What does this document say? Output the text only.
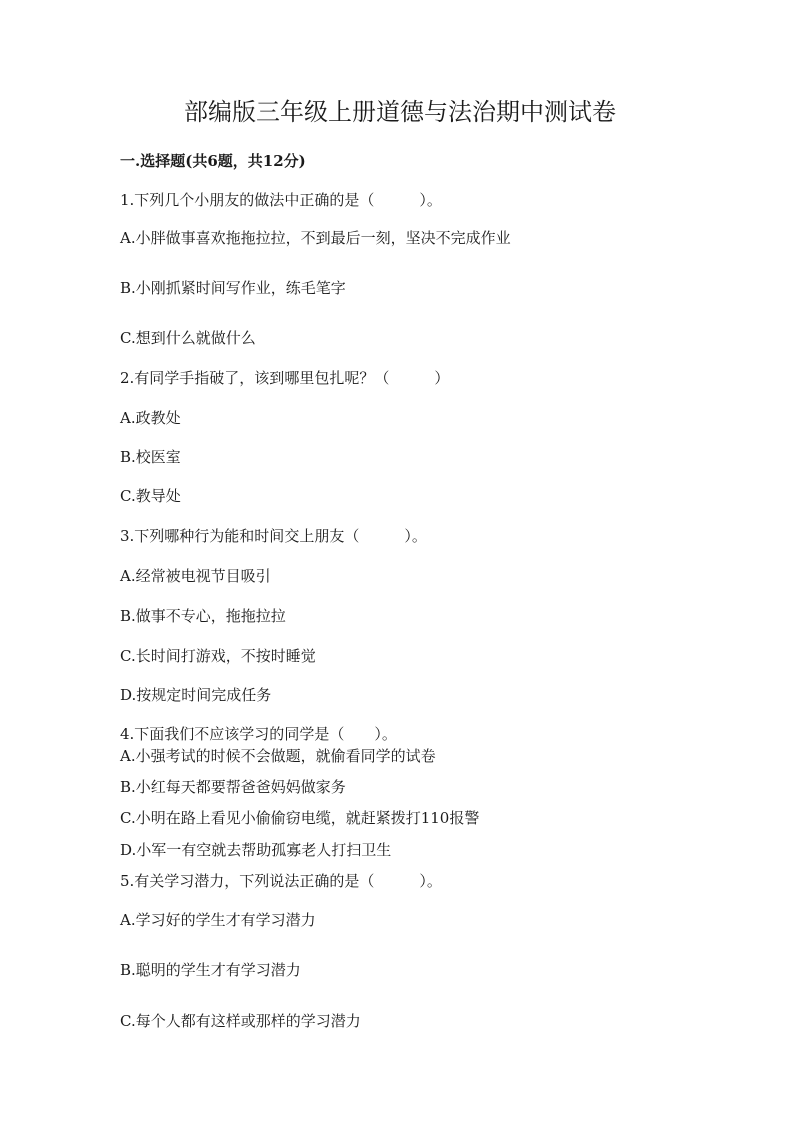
部编版三年级上册道德与法治期中测试卷
一.选择题(共6题，共12分)
1.下列几个小朋友的做法中正确的是（　　　）。
A.小胖做事喜欢拖拖拉拉，不到最后一刻，坚决不完成作业
B.小刚抓紧时间写作业，练毛笔字
C.想到什么就做什么
2.有同学手指破了，该到哪里包扎呢？（　　　）
A.政教处
B.校医室
C.教导处
3.下列哪种行为能和时间交上朋友（　　　）。
A.经常被电视节目吸引
B.做事不专心，拖拖拉拉
C.长时间打游戏，不按时睡觉
D.按规定时间完成任务
4.下面我们不应该学习的同学是（　　）。
A.小强考试的时候不会做题，就偷看同学的试卷
B.小红每天都要帮爸爸妈妈做家务
C.小明在路上看见小偷偷窃电缆，就赶紧拨打110报警
D.小军一有空就去帮助孤寡老人打扫卫生
5.有关学习潜力，下列说法正确的是（　　　）。
A.学习好的学生才有学习潜力
B.聪明的学生才有学习潜力
C.每个人都有这样或那样的学习潜力
